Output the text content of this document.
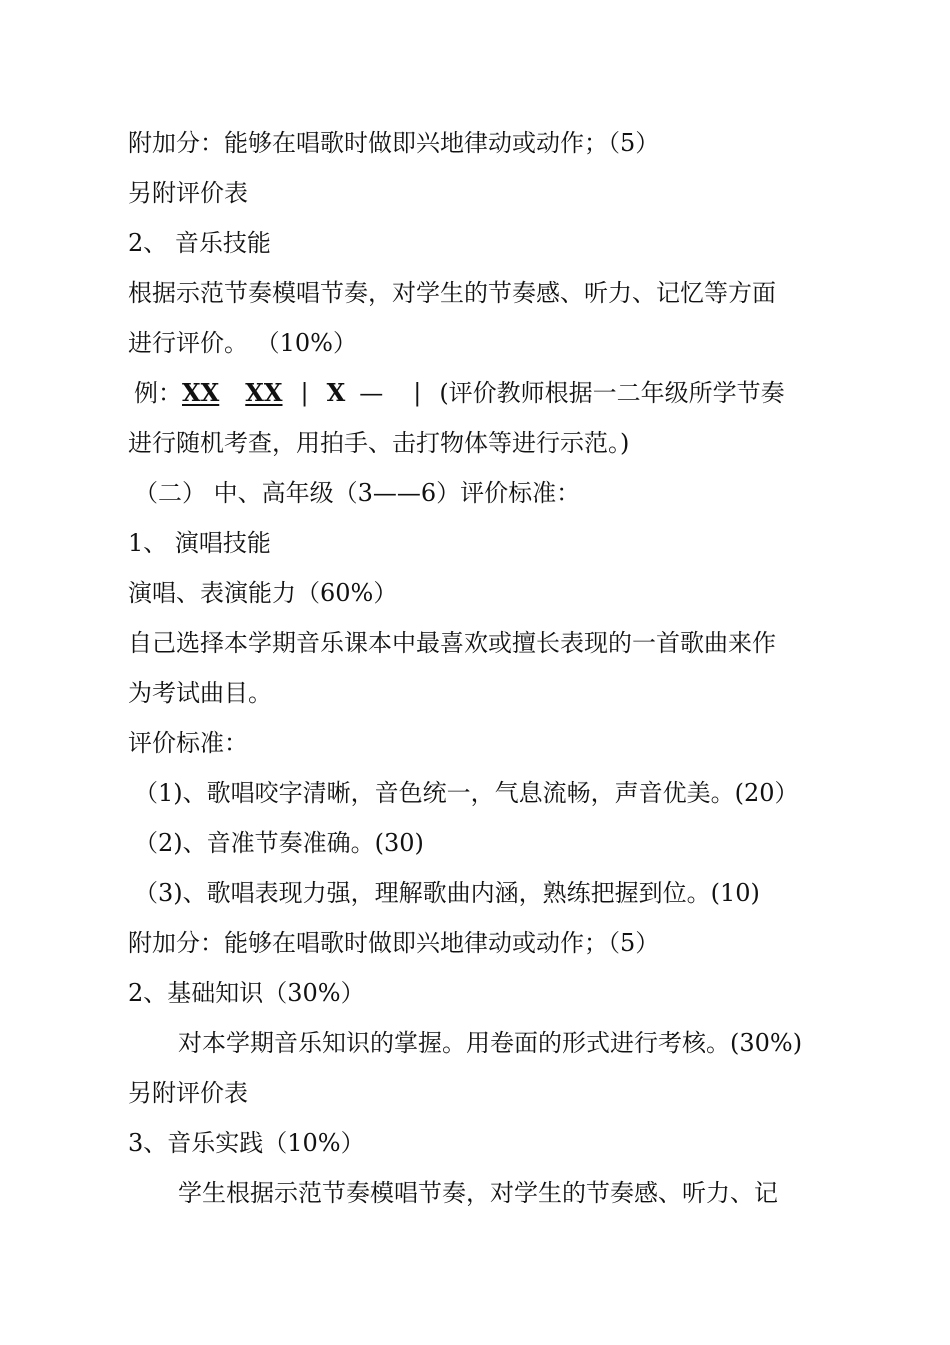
附加分：能够在唱歌时做即兴地律动或动作；（5）
另附评价表
2、 音乐技能
根据示范节奏模唱节奏，对学生的节奏感、听力、记忆等方面
进行评价。 （10%）
例：XX XX | X — | (评价教师根据一二年级所学节奏
进行随机考查，用拍手、击打物体等进行示范。)
（二） 中、高年级（3——6）评价标准：
1、 演唱技能
演唱、表演能力（60%）
自己选择本学期音乐课本中最喜欢或擅长表现的一首歌曲来作
为考试曲目。
评价标准：
（1)、歌唱咬字清晰，音色统一，气息流畅，声音优美。(20）
（2)、音准节奏准确。(30)
（3)、歌唱表现力强，理解歌曲内涵，熟练把握到位。(10)
附加分：能够在唱歌时做即兴地律动或动作；（5）
2、基础知识（30%）
对本学期音乐知识的掌握。用卷面的形式进行考核。(30%)
另附评价表
3、音乐实践（10%）
学生根据示范节奏模唱节奏，对学生的节奏感、听力、记
